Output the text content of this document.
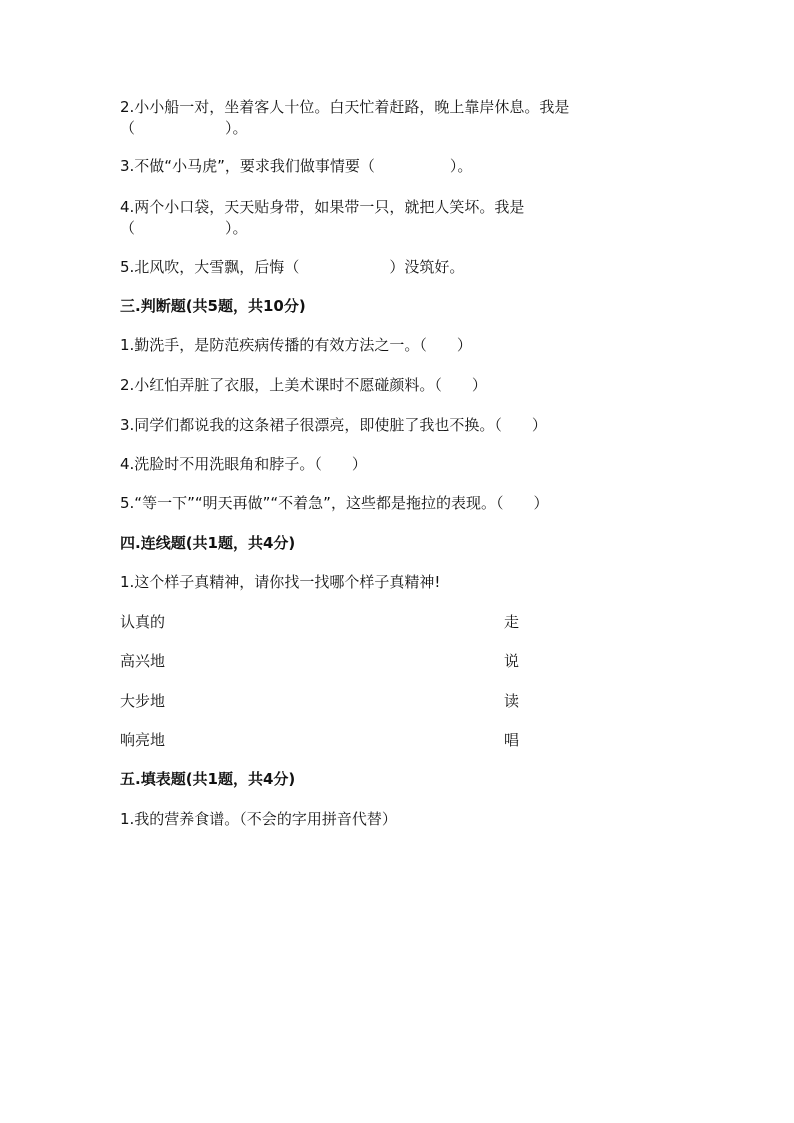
2.小小船一对，坐着客人十位。白天忙着赶路，晚上靠岸休息。我是
（　　　　　　）。
3.不做“小马虎”，要求我们做事情要（　　　　　）。
4.两个小口袋，天天贴身带，如果带一只，就把人笑坏。我是
（　　　　　　）。
5.北风吹，大雪飘，后悔（　　　　　　）没筑好。
三.判断题(共5题，共10分)
1.勤洗手，是防范疾病传播的有效方法之一。（　　）
2.小红怕弄脏了衣服，上美术课时不愿碰颜料。（　　）
3.同学们都说我的这条裙子很漂亮，即使脏了我也不换。（　　）
4.洗脸时不用洗眼角和脖子。（　　）
5.“等一下”“明天再做”“不着急”，这些都是拖拉的表现。（　　）
四.连线题(共1题，共4分)
1.这个样子真精神，请你找一找哪个样子真精神!
认真的	走
高兴地	说
大步地	读
响亮地	唱
五.填表题(共1题，共4分)
1.我的营养食谱。（不会的字用拼音代替）
